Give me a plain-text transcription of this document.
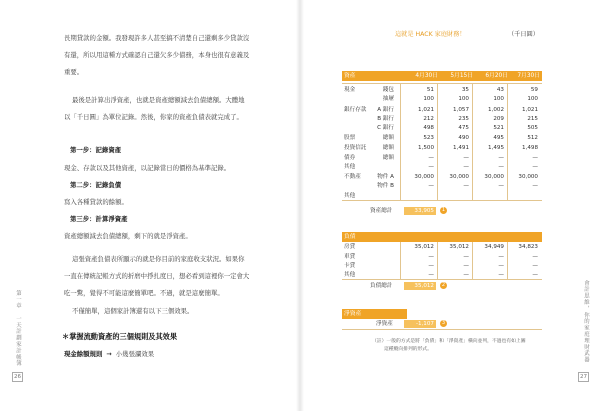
長期貸款的金額。我發現許多人甚至搞不清楚自己還剩多少貸款沒
有還，所以用這種方式確認自己還欠多少債務，本身也很有意義及
重要。
最後是計算出淨資產，也就是資產總額減去負債總額。大體地
以「千日圓」為單位記錄。然後，你家的資產負債表就完成了。
第一步：記錄資產
現金、存款以及其他資產，以記錄當日的價格為基準記錄。
第二步：記錄負債
寫入各種貸款的餘額。
第三步：計算淨資產
資產總額減去負債總額，剩下的就是淨資產。
這張資產負債表所顯示的就是你目前的家庭收支狀況。如果你
一直在傳統記帳方式的折磨中掙扎度日，想必看到這裡你一定會大
吃一驚，覺得不可能這麼簡單吧。不過，就是這麼簡單。
不僅簡單，這個家計簿還有以下三個效果。
＊掌握流動資產的三個規則及其效果
現金餘額規則 → 小幾張瀾效果
第一章　一天計劃家計帳簿
26
這就是 HACK 家庭財務！	（千日圓）
資產	4月30日	5月15日	6月20日	7月30日
現金	錢包	51	35	43	59
抽屜	100	100	100	100
銀行存款	A 銀行	1,021	1,057	1,002	1,021
B 銀行	212	235	209	215
C 銀行	498	475	521	505
股票	總額	523	490	495	512
投資信託	總額	1,500	1,491	1,495	1,498
債券	總額	—	—	—	—
其他	—	—	—	—
不動產	物件 A	30,000	30,000	30,000	30,000
物件 B	—	—	—	—
其他
資產總計	33,905	1
負債
房貸	35,012	35,012	34,949	34,823
車貸	—	—	—	—
卡貸	—	—	—	—
其他	—	—	—	—
負債總計	35,012	2
淨資產
淨資產	-1,107	3
（註）一般的方式是將「負債」和「淨資產」橫向並列，不過也有如上圖
這種縱向排列的形式。	會計思維，你的家庭理財武器
27
